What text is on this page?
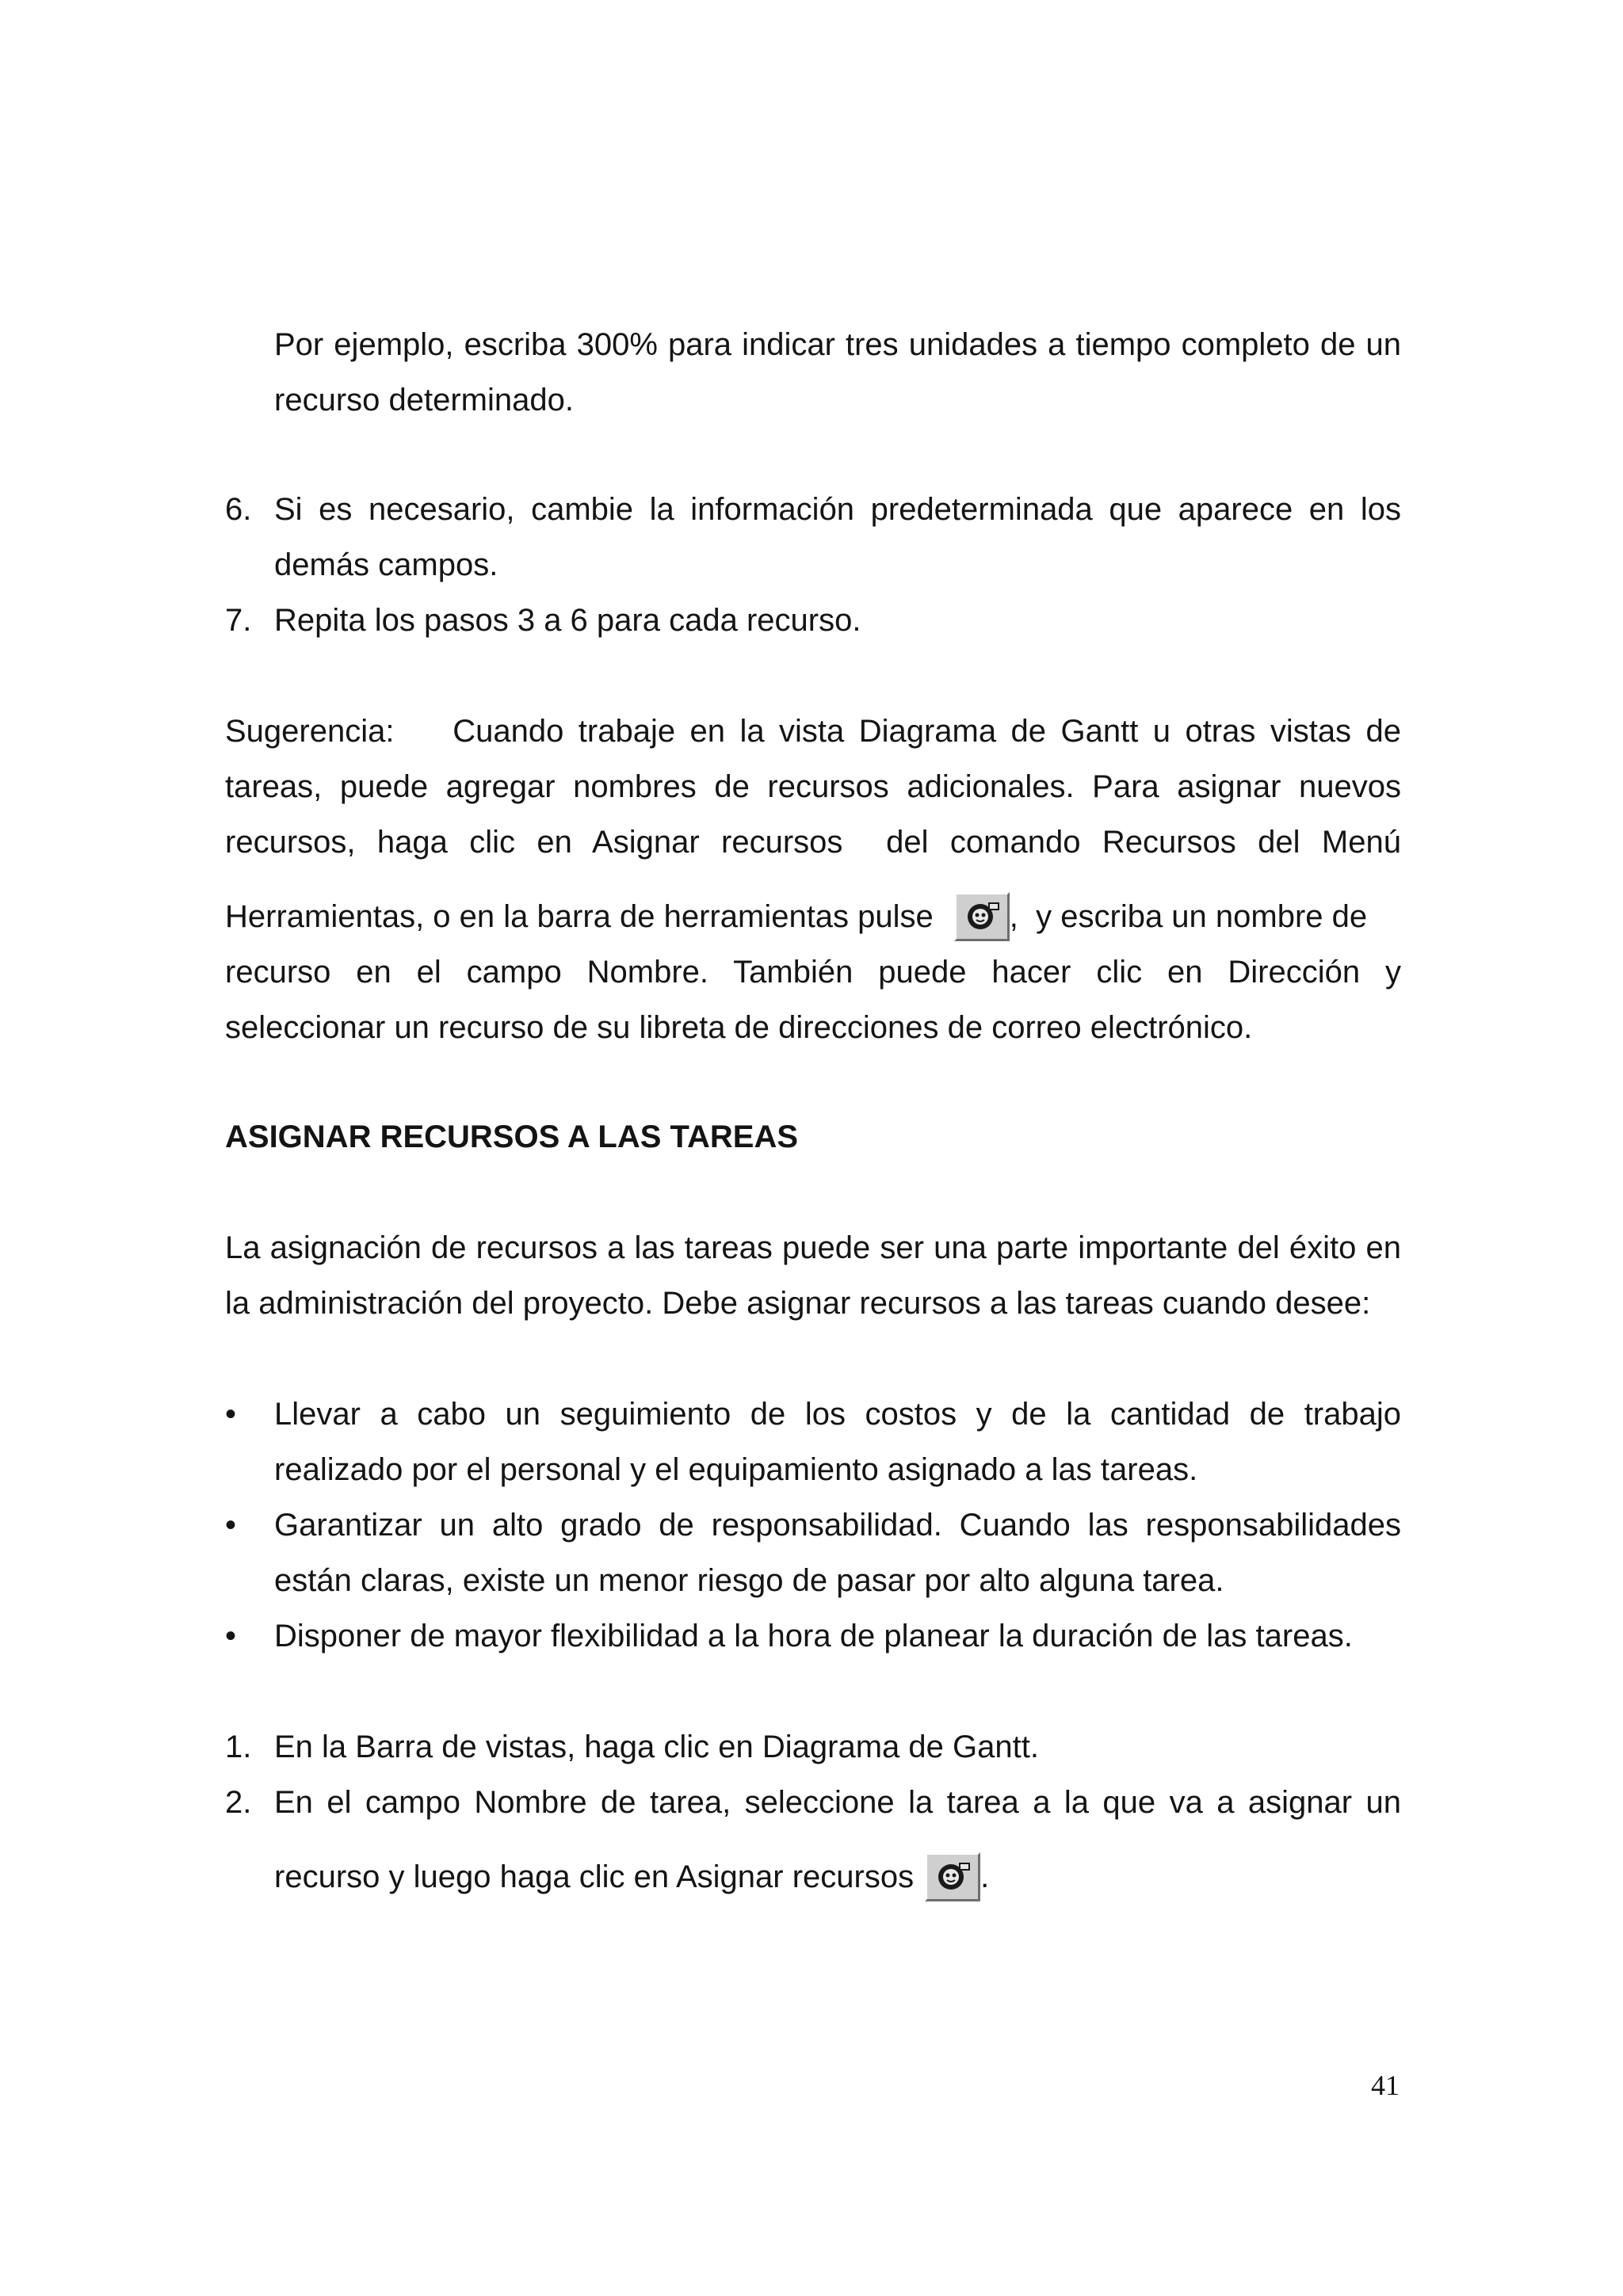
Por ejemplo, escriba 300% para indicar tres unidades a tiempo completo de un
recurso determinado.
6. Si es necesario, cambie la información predeterminada que aparece en los
demás campos.
7. Repita los pasos 3 a 6 para cada recurso.
Sugerencia:    Cuando trabaje en la vista Diagrama de Gantt u otras vistas de
tareas, puede agregar nombres de recursos adicionales. Para asignar nuevos
recursos, haga clic en Asignar recursos  del comando Recursos del Menú
Herramientas, o en la barra de herramientas pulse ,  y escriba un nombre de
recurso en el campo Nombre. También puede hacer clic en Dirección y
seleccionar un recurso de su libreta de direcciones de correo electrónico.
ASIGNAR RECURSOS A LAS TAREAS
La asignación de recursos a las tareas puede ser una parte importante del éxito en
la administración del proyecto. Debe asignar recursos a las tareas cuando desee:
• Llevar a cabo un seguimiento de los costos y de la cantidad de trabajo
realizado por el personal y el equipamiento asignado a las tareas.
• Garantizar un alto grado de responsabilidad. Cuando las responsabilidades
están claras, existe un menor riesgo de pasar por alto alguna tarea.
• Disponer de mayor flexibilidad a la hora de planear la duración de las tareas.
1. En la Barra de vistas, haga clic en Diagrama de Gantt.
2. En el campo Nombre de tarea, seleccione la tarea a la que va a asignar un
recurso y luego haga clic en Asignar recursos .
41
